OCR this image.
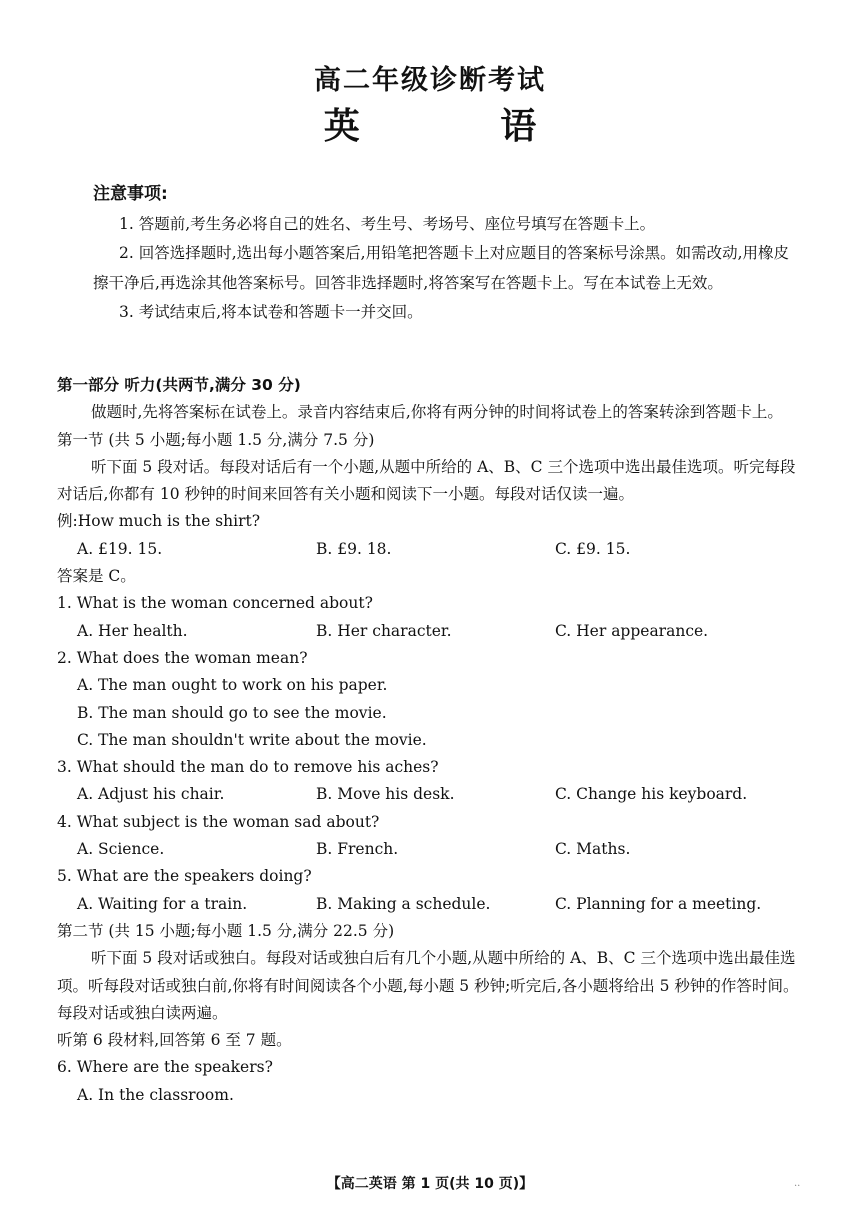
高二年级诊断考试
英 语
注意事项:
1. 答题前,考生务必将自己的姓名、考生号、考场号、座位号填写在答题卡上。
2. 回答选择题时,选出每小题答案后,用铅笔把答题卡上对应题目的答案标号涂黑。如需改动,用橡皮擦干净后,再选涂其他答案标号。回答非选择题时,将答案写在答题卡上。写在本试卷上无效。
3. 考试结束后,将本试卷和答题卡一并交回。
第一部分 听力(共两节,满分 30 分)
做题时,先将答案标在试卷上。录音内容结束后,你将有两分钟的时间将试卷上的答案转涂到答题卡上。
第一节 (共 5 小题;每小题 1.5 分,满分 7.5 分)
听下面 5 段对话。每段对话后有一个小题,从题中所给的 A、B、C 三个选项中选出最佳选项。听完每段对话后,你都有 10 秒钟的时间来回答有关小题和阅读下一小题。每段对话仅读一遍。
例:How much is the shirt?
A. £19. 15.	B. £9. 18.	C. £9. 15.
答案是 C。
1. What is the woman concerned about?
A. Her health.	B. Her character.	C. Her appearance.
2. What does the woman mean?
A. The man ought to work on his paper.
B. The man should go to see the movie.
C. The man shouldn't write about the movie.
3. What should the man do to remove his aches?
A. Adjust his chair.	B. Move his desk.	C. Change his keyboard.
4. What subject is the woman sad about?
A. Science.	B. French.	C. Maths.
5. What are the speakers doing?
A. Waiting for a train.	B. Making a schedule.	C. Planning for a meeting.
第二节 (共 15 小题;每小题 1.5 分,满分 22.5 分)
听下面 5 段对话或独白。每段对话或独白后有几个小题,从题中所给的 A、B、C 三个选项中选出最佳选项。听每段对话或独白前,你将有时间阅读各个小题,每小题 5 秒钟;听完后,各小题将给出 5 秒钟的作答时间。每段对话或独白读两遍。
听第 6 段材料,回答第 6 至 7 题。
6. Where are the speakers?
A. In the classroom.
【高二英语 第 1 页(共 10 页)】	..
